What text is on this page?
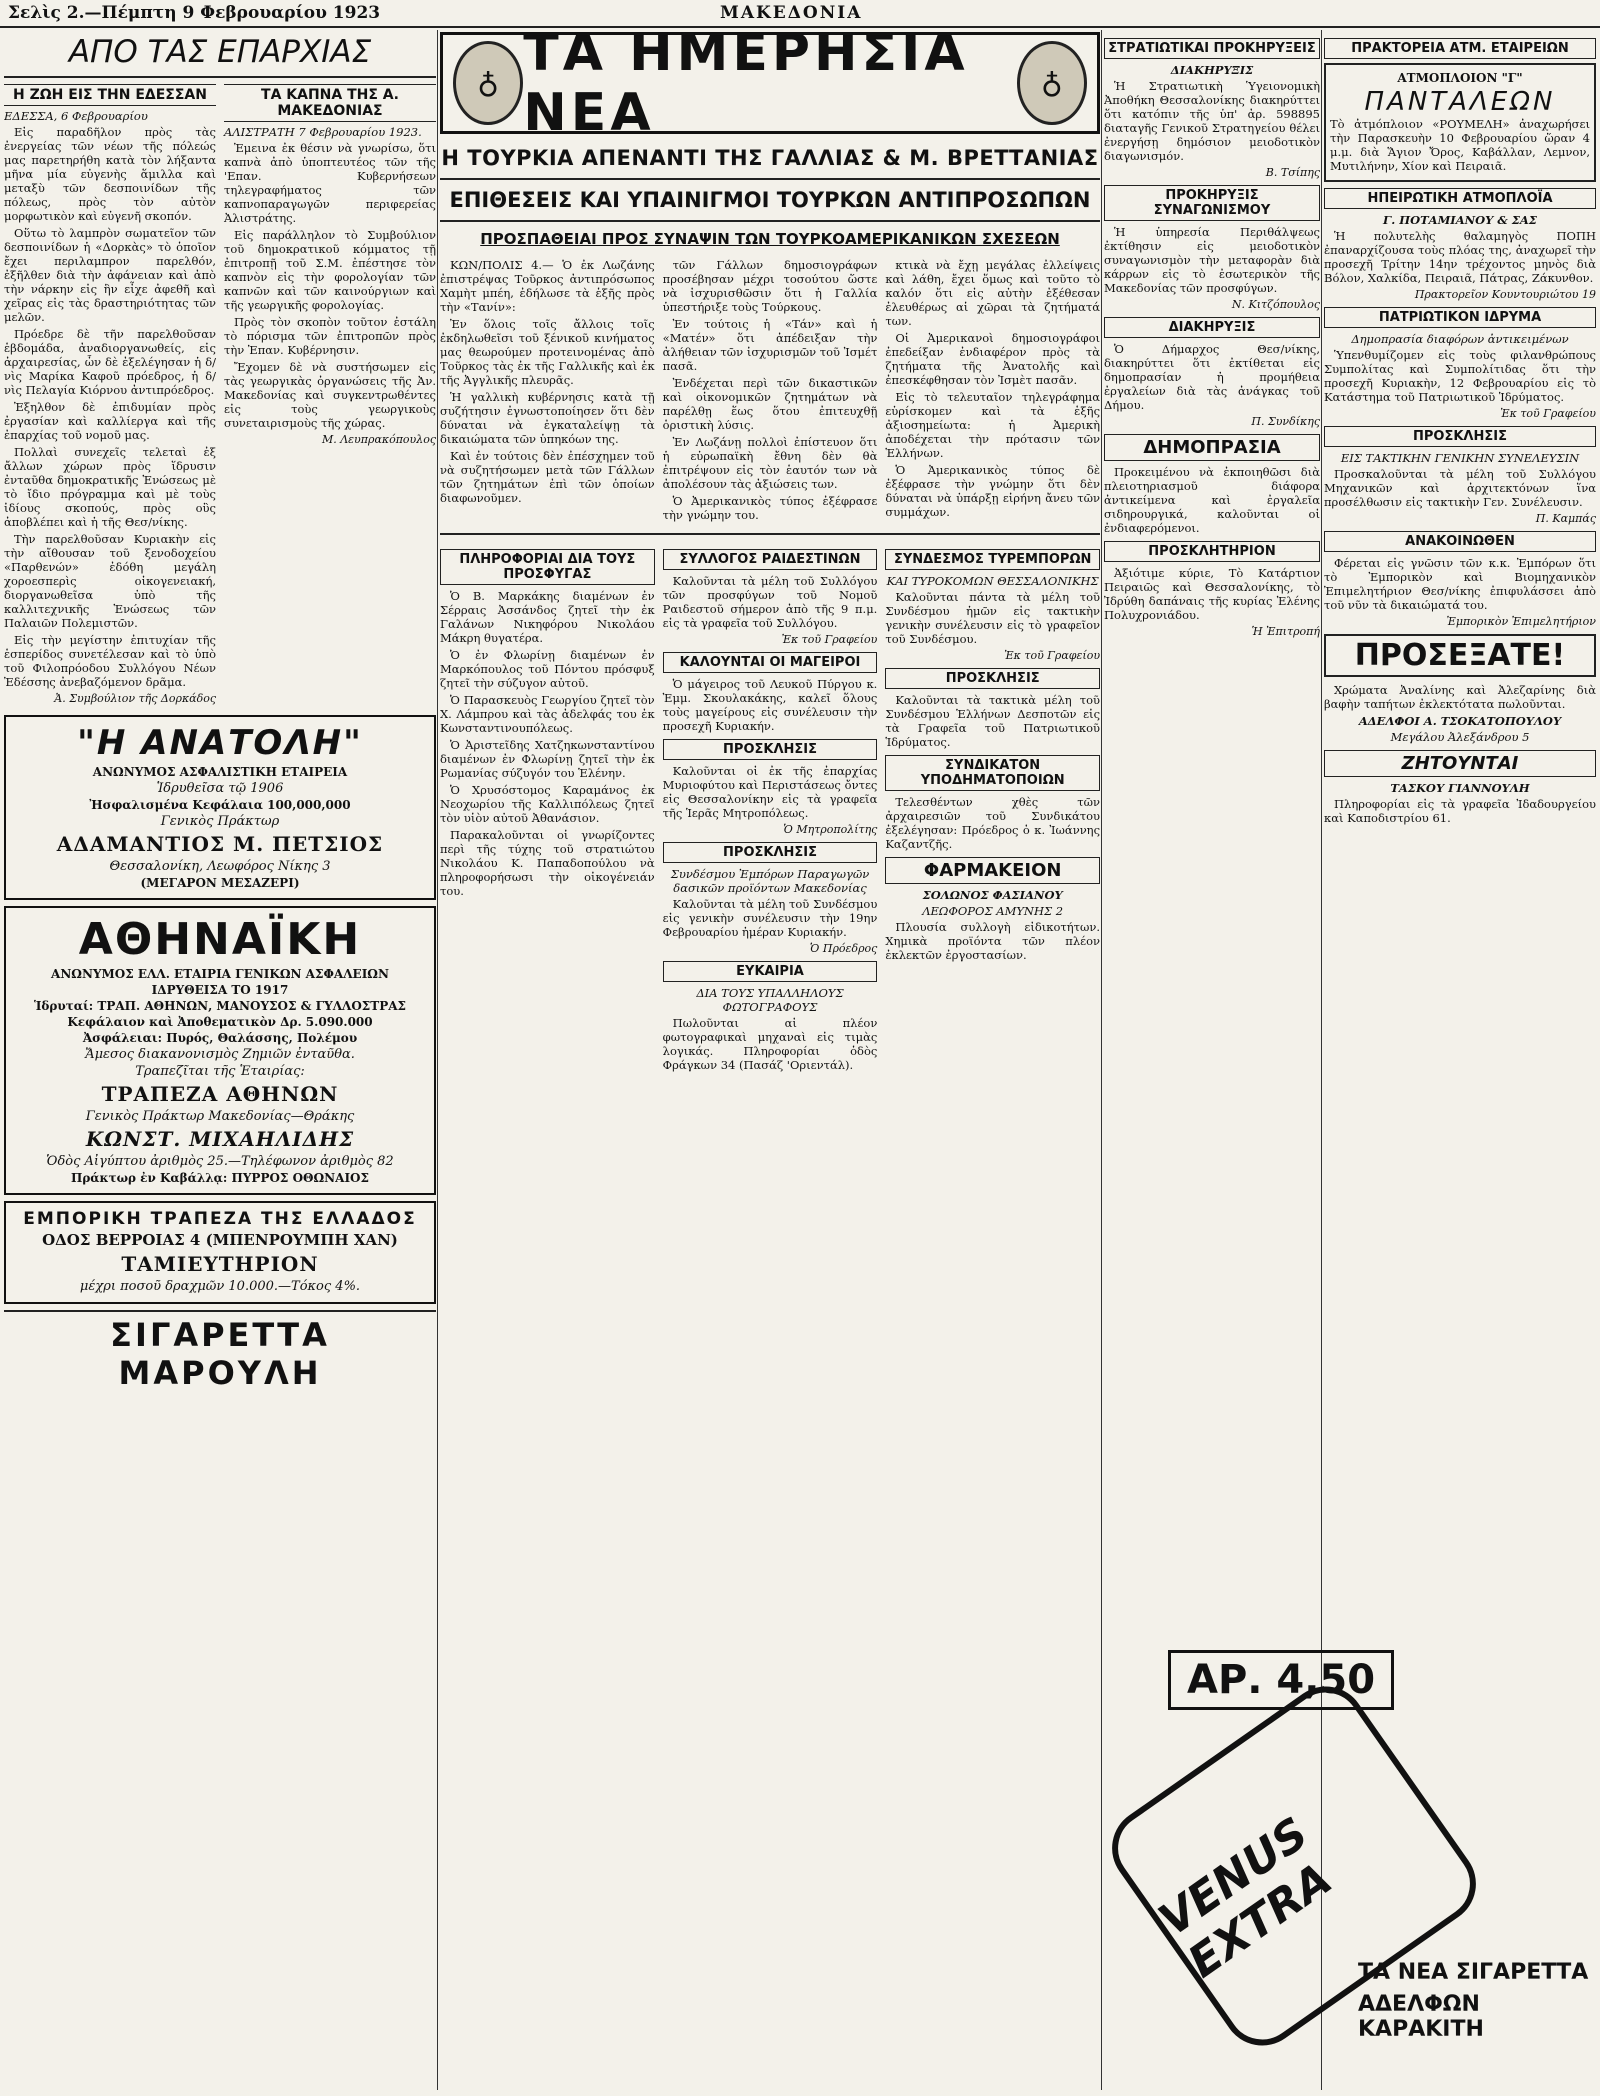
Σελὶς 2.—Πέμπτη 9 Φεβρουαρίου 1923	ΜΑΚΕΔΟΝΙΑ
ΑΠΟ ΤΑΣ ΕΠΑΡΧΙΑΣ
Η ΖΩΗ ΕΙΣ ΤΗΝ ΕΔΕΣΣΑΝ

ΕΔΕΣΣΑ, 6 Φεβρουαρίου

Εἰς παραδῆλον πρὸς τὰς ἐνεργείας τῶν νέων τῆς πόλεώς μας παρετηρήθη κατὰ τὸν λήξαντα μῆνα μία εὐγενὴς ἅμιλλα καὶ μεταξὺ τῶν δεσποινίδων τῆς πόλεως, πρὸς τὸν αὐτὸν μορφωτικὸν καὶ εὐγενῆ σκοπόν.

Οὕτω τὸ λαμπρὸν σωματεῖον τῶν δεσποινίδων ἡ «Δορκὰς» τὸ ὁποῖον ἔχει περιλαμπρον παρελθόν, ἐξῆλθεν διὰ τὴν ἀφάνειαν καὶ ἀπὸ τὴν νάρκην εἰς ἣν εἶχε ἀφεθῆ καὶ χεῖρας εἰς τὰς δραστηριότητας τῶν μελῶν.

Πρόεδρε δὲ τῆν παρελθοῦσαν ἑβδομάδα, ἀναδιοργανωθείς, εἰς ἀρχαιρεσίας, ὧν δὲ ἐξελέγησαν ἡ δ/νὶς Μαρίκα Καφοῦ πρόεδρος, ἡ δ/νὶς Πελαγία Κιόρνου ἀντιπρόεδρος.

Ἐξηλθον δὲ ἐπιδυμίαν πρὸς ἐργασίαν καὶ καλλίεργα καὶ τῆς ἐπαρχίας τοῦ νομοῦ μας.

Πολλαὶ συνεχεῖς τελεταὶ ἐξ ἄλλων χώρων πρὸς ἵδρυσιν ἐνταῦθα δημοκρατικῆς Ἑνώσεως μὲ τὸ ἴδιο πρόγραμμα καὶ μὲ τοὺς ἰδίους σκοπούς, πρὸς οὓς ἀποβλέπει καὶ ἡ τῆς Θεσ/νίκης.

Τὴν παρελθοῦσαν Κυριακὴν εἰς τὴν αἴθουσαν τοῦ ξενοδοχείου «Παρθενών» ἐδόθη μεγάλη χοροεσπερὶς οἰκογενειακή, διοργανωθεῖσα ὑπὸ τῆς καλλιτεχνικῆς Ἑνώσεως τῶν Παλαιῶν Πολεμιστῶν.

Εἰς τὴν μεγίστην ἐπιτυχίαν τῆς ἑσπερίδος συνετέλεσαν καὶ τὸ ὑπὸ τοῦ Φιλοπρόοδου Συλλόγου Νέων Ἐδέσσης ἀνεβαζόμενον δρᾶμα.

Ἀ. Συμβούλιον τῆς Δορκάδος

ΤΑ ΚΑΠΝΑ ΤΗΣ Α. ΜΑΚΕΔΟΝΙΑΣ

ΑΛΙΣΤΡΑΤΗ 7 Φεβρουαρίου 1923.

Ἐμεινα ἐκ θέσιν νὰ γνωρίσω, ὅτι καπνὰ ἀπὸ ὑποπτευτέος τῶν τῆς 'Επαν. Κυβερνήσεων τηλεγραφήματος τῶν καπνοπαραγωγῶν περιφερείας Ἀλιστράτης.

Εἰς παράλληλον τὸ Συμβούλιον τοῦ δημοκρατικοῦ κόμματος τῇ ἐπιτροπῇ τοῦ Σ.Μ. ἐπέστησε τὸν καπνὸν εἰς τὴν φορολογίαν τῶν καπνῶν καὶ τῶν καινούργιων καὶ τῆς γεωργικῆς φορολογίας.

Πρὸς τὸν σκοπὸν τοῦτον ἐστάλη τὸ πόρισμα τῶν ἐπιτροπῶν πρὸς τὴν Ἐπαν. Κυβέρνησιν.

Ἔχομεν δὲ νὰ συστήσωμεν εἰς τὰς γεωργικὰς ὀργανώσεις τῆς Ἀν. Μακεδονίας καὶ συγκεντρωθέντες εἰς τοὺς γεωργικοὺς συνεταιρισμοὺς τῆς χώρας.

Μ. Λευπρακόπουλος

"Η ΑΝΑΤΟΛΗ"
ΑΝΩΝΥΜΟΣ ΑΣΦΑΛΙΣΤΙΚΗ ΕΤΑΙΡΕΙΑ
Ἱδρυθεῖσα τῷ 1906
Ἠσφαλισμένα Κεφάλαια 100,000,000
Γενικὸς Πράκτωρ
ΑΔΑΜΑΝΤΙΟΣ Μ. ΠΕΤΣΙΟΣ
Θεσσαλονίκη, Λεωφόρος Νίκης 3
(ΜΕΓΑΡΟΝ ΜΕΣΑΖΕΡΙ)
ΑΘΗΝΑΪΚΗ
ΑΝΩΝΥΜΟΣ ΕΛΛ. ΕΤΑΙΡΙΑ ΓΕΝΙΚΩΝ ΑΣΦΑΛΕΙΩΝ
ΙΔΡΥΘΕΙΣΑ ΤΟ 1917
Ἱδρυταί: ΤΡΑΠ. ΑΘΗΝΩΝ, ΜΑΝΟΥΣΟΣ & ΓΥΛΛΟΣΤΡΑΣ
Κεφάλαιον καὶ Ἀποθεματικὸν Δρ. 5.090.000
Ἀσφάλειαι: Πυρός, Θαλάσσης, Πολέμου
Ἄμεσος διακανονισμὸς Ζημιῶν ἐνταῦθα.
Τραπεζῖται τῆς Ἑταιρίας:
ΤΡΑΠΕΖΑ ΑΘΗΝΩΝ
Γενικὸς Πράκτωρ Μακεδονίας—Θράκης
ΚΩΝΣΤ. ΜΙΧΑΗΛΙΔΗΣ
Ὁδὸς Αἰγύπτου ἀριθμὸς 25.—Τηλέφωνον ἀριθμὸς 82
Πράκτωρ ἐν Καβάλλᾳ: ΠΥΡΡΟΣ ΟΘΩΝΑΙΟΣ
ΕΜΠΟΡΙΚΗ ΤΡΑΠΕΖΑ ΤΗΣ ΕΛΛΑΔΟΣ
ΟΔΟΣ ΒΕΡΡΟΙΑΣ 4 (ΜΠΕΝΡΟΥΜΠΗ ΧΑΝ)
ΤΑΜΙΕΥΤΗΡΙΟΝ
μέχρι ποσοῦ δραχμῶν 10.000.—Τόκος 4%.
ΣΙΓΑΡΕΤΤΑ ΜΑΡΟΥΛΗ
♁ ΤΑ ΗΜΕΡΗΣΙΑ ΝΕΑ	♁
Η ΤΟΥΡΚΙΑ ΑΠΕΝΑΝΤΙ ΤΗΣ ΓΑΛΛΙΑΣ & Μ. ΒΡΕΤΤΑΝΙΑΣ
ΕΠΙΘΕΣΕΙΣ ΚΑΙ ΥΠΑΙΝΙΓΜΟΙ ΤΟΥΡΚΩΝ ΑΝΤΙΠΡΟΣΩΠΩΝ
ΠΡΟΣΠΑΘΕΙΑΙ ΠΡΟΣ ΣΥΝΑΨΙΝ ΤΩΝ ΤΟΥΡΚΟΑΜΕΡΙΚΑΝΙΚΩΝ ΣΧΕΣΕΩΝ

ΚΩΝ/ΠΟΛΙΣ 4.— Ὁ ἐκ Λωζάνης ἐπιστρέψας Τοῦρκος ἀντιπρόσωπος Χαμὴτ μπέη, ἐδήλωσε τὰ ἑξῆς πρὸς τὴν «Τανίν»:

Ἐν ὅλοις τοῖς ἄλλοις τοῖς ἐκδηλωθεῖσι τοῦ ξένικοῦ κινήματος μας θεωρούμεν προτεινομένας ἀπὸ Τοῦρκος τὰς ἐκ τῆς Γαλλικῆς καὶ ἐκ τῆς Ἀγγλικῆς πλευρᾶς.

Ἡ γαλλικὴ κυβέρνησις κατὰ τῇ συζήτησιν ἐγνωστοποίησεν ὅτι δὲν δύναται νὰ ἐγκαταλείψῃ τὰ δικαιώματα τῶν ὑπηκόων της.

Καὶ ἐν τούτοις δὲν ἐπέσχημεν τοῦ νὰ συζητήσωμεν μετὰ τῶν Γάλλων τῶν ζητημάτων ἐπὶ τῶν ὁποίων διαφωνοῦμεν.

τῶν Γάλλων δημοσιογράφων προσέβησαν μέχρι τοσούτου ὥστε νὰ ἰσχυρισθῶσιν ὅτι ἡ Γαλλία ὑπεστήριξε τοὺς Τούρκους.

Ἐν τούτοις ἡ «Τάν» καὶ ἡ «Ματέν» ὅτι ἀπέδειξαν τὴν ἀλήθειαν τῶν ἰσχυρισμῶν τοῦ Ἰσμέτ πασᾶ.

Ἐνδέχεται περὶ τῶν δικαστικῶν καὶ οἰκονομικῶν ζητημάτων νὰ παρέλθῃ ἕως ὅτου ἐπιτευχθῇ ὁριστικὴ λύσις.

Ἐν Λωζάνῃ πολλοὶ ἐπίστευον ὅτι ἡ εὐρωπαϊκὴ ἔθνη δὲν θὰ ἐπιτρέψουν εἰς τὸν ἑαυτόν των νὰ ἀπολέσουν τὰς ἀξιώσεις των.

Ὁ Ἀμερικανικὸς τύπος ἐξέφρασε τὴν γνώμην του.

κτικὰ νὰ ἔχῃ μεγάλας ἐλλείψεις καὶ λάθη, ἔχει ὅμως καὶ τοῦτο τὸ καλόν ὅτι εἰς αὐτὴν ἐξέθεσαν ἐλευθέρως αἱ χῶραι τὰ ζητήματά των.

Οἱ Ἀμερικανοὶ δημοσιογράφοι ἐπεδείξαν ἐνδιαφέρον πρὸς τὰ ζητήματα τῆς Ἀνατολῆς καὶ ἐπεσκέφθησαν τὸν Ἰσμὲτ πασᾶν.

Εἰς τὸ τελευταῖον τηλεγράφημα εὑρίσκομεν καὶ τὰ ἑξῆς ἀξιοσημείωτα: ἡ Ἀμερικὴ ἀποδέχεται τὴν πρότασιν τῶν Ἑλλήνων.

Ὁ Ἀμερικανικὸς τύπος δὲ ἐξέφρασε τὴν γνώμην ὅτι δὲν δύναται νὰ ὑπάρξῃ εἰρήνη ἄνευ τῶν συμμάχων.

ΠΛΗΡΟΦΟΡΙΑΙ ΔΙΑ ΤΟΥΣ ΠΡΟΣΦΥΓΑΣ

Ὁ Β. Μαρκάκης διαμένων ἐν Σέρραις Ἀσσάνδος ζητεῖ τὴν ἐκ Γαλάνων Νικηφόρου Νικολάου Μάκρη θυγατέρα.

Ὁ ἐν Φλωρίνῃ διαμένων ἐν Μαρκόπουλος τοῦ Πόντου πρόσφυξ ζητεῖ τὴν σύζυγον αὐτοῦ.

Ὁ Παρασκευὸς Γεωργίου ζητεῖ τὸν Χ. Λάμπρου καὶ τὰς ἀδελφάς του ἐκ Κωνσταντινουπόλεως.

Ὁ Ἀριστεῖδης Χατζηκωνσταντίνου διαμένων ἐν Φλωρίνῃ ζητεῖ τὴν ἐκ Ρωμανίας σύζυγόν του Ἑλένην.

Ὁ Χρυσόστομος Καραμάνος ἐκ Νεοχωρίου τῆς Καλλιπόλεως ζητεῖ τὸν υἱὸν αὐτοῦ Ἀθανάσιον.

Παρακαλοῦνται οἱ γνωρίζοντες περὶ τῆς τύχης τοῦ στρατιώτου Νικολάου Κ. Παπαδοπούλου νὰ πληροφορήσωσι τὴν οἰκογένειάν του.

ΣΥΛΛΟΓΟΣ ΡΑΙΔΕΣΤΙΝΩΝ

Καλοῦνται τὰ μέλη τοῦ Συλλόγου τῶν προσφύγων τοῦ Νομοῦ Ραιδεστοῦ σήμερον ἀπὸ τῆς 9 π.μ. εἰς τὰ γραφεῖα τοῦ Συλλόγου.

Ἐκ τοῦ Γραφείου

ΚΑΛΟΥΝΤΑΙ ΟΙ ΜΑΓΕΙΡΟΙ

Ὁ μάγειρος τοῦ Λευκοῦ Πύργου κ. Ἐμμ. Σκουλακάκης, καλεῖ ὅλους τοὺς μαγείρους εἰς συνέλευσιν τὴν προσεχῆ Κυριακήν.

ΠΡΟΣΚΛΗΣΙΣ

Καλοῦνται οἱ ἐκ τῆς ἐπαρχίας Μυριοφύτου καὶ Περιστάσεως ὄντες εἰς Θεσσαλονίκην εἰς τὰ γραφεῖα τῆς Ἱερᾶς Μητροπόλεως.

Ὁ Μητροπολίτης

ΠΡΟΣΚΛΗΣΙΣ

Συνδέσμου Ἐμπόρων Παραγωγῶν δασικῶν προϊόντων Μακεδονίας

Καλοῦνται τὰ μέλη τοῦ Συνδέσμου εἰς γενικὴν συνέλευσιν τὴν 19ην Φεβρουαρίου ἡμέραν Κυριακήν.

Ὁ Πρόεδρος

ΕΥΚΑΙΡΙΑ

ΔΙΑ ΤΟΥΣ ΥΠΑΛΛΗΛΟΥΣ ΦΩΤΟΓΡΑΦΟΥΣ

Πωλοῦνται αἱ πλέον φωτογραφικαὶ μηχαναὶ εἰς τιμὰς λογικάς. Πληροφορίαι ὁδὸς Φράγκων 34 (Πασάζ 'Οριεντάλ).

ΣΥΝΔΕΣΜΟΣ ΤΥΡΕΜΠΟΡΩΝ

ΚΑΙ ΤΥΡΟΚΟΜΩΝ ΘΕΣΣΑΛΟΝΙΚΗΣ

Καλοῦνται πάντα τὰ μέλη τοῦ Συνδέσμου ἡμῶν εἰς τακτικὴν γενικὴν συνέλευσιν εἰς τὸ γραφεῖον τοῦ Συνδέσμου.

Ἐκ τοῦ Γραφείου

ΠΡΟΣΚΛΗΣΙΣ

Καλοῦνται τὰ τακτικὰ μέλη τοῦ Συνδέσμου Ἑλλήνων Δεσποτῶν εἰς τὰ Γραφεῖα τοῦ Πατριωτικοῦ Ἱδρύματος.

ΣΥΝΔΙΚΑΤΟΝ ΥΠΟΔΗΜΑΤΟΠΟΙΩΝ

Τελεσθέντων χθὲς τῶν ἀρχαιρεσιῶν τοῦ Συνδικάτου ἐξελέγησαν: Πρόεδρος ὁ κ. Ἰωάννης Καζαντζῆς.

ΦΑΡΜΑΚΕΙΟΝ

ΣΟΛΩΝΟΣ ΦΑΣΙΑΝΟΥ

ΛΕΩΦΟΡΟΣ ΑΜΥΝΗΣ 2

Πλουσία συλλογὴ εἰδικοτήτων. Χημικὰ προϊόντα τῶν πλέον ἐκλεκτῶν ἐργοστασίων.

ΣΤΡΑΤΙΩΤΙΚΑΙ ΠΡΟΚΗΡΥΞΕΙΣ

ΔΙΑΚΗΡΥΞΙΣ

Ἡ Στρατιωτικὴ Ὑγειονομικὴ Ἀποθήκη Θεσσαλονίκης διακηρύττει ὅτι κατόπιν τῆς ὑπ' ἀρ. 598895 διαταγῆς Γενικοῦ Στρατηγείου θέλει ἐνεργήσῃ δημόσιον μειοδοτικὸν διαγωνισμόν.

Β. Τσίπης

ΠΡΟΚΗΡΥΞΙΣ ΣΥΝΑΓΩΝΙΣΜΟΥ

Ἡ ὑπηρεσία Περιθάλψεως ἐκτίθησιν εἰς μειοδοτικὸν συναγωνισμὸν τὴν μεταφορὰν διὰ κάρρων εἰς τὸ ἐσωτερικὸν τῆς Μακεδονίας τῶν προσφύγων.

Ν. Κιτζόπουλος

ΔΙΑΚΗΡΥΞΙΣ

Ὁ Δήμαρχος Θεσ/νίκης, διακηρύττει ὅτι ἐκτίθεται εἰς δημοπρασίαν ἡ προμήθεια ἐργαλείων διὰ τὰς ἀνάγκας τοῦ Δήμου.

Π. Συνδίκης

ΔΗΜΟΠΡΑΣΙΑ

Προκειμένου νὰ ἐκποιηθῶσι διὰ πλειοτηριασμοῦ διάφορα ἀντικείμενα καὶ ἐργαλεῖα σιδηρουργικά, καλοῦνται οἱ ἐνδιαφερόμενοι.

ΠΡΟΣΚΛΗΤΗΡΙΟΝ

Ἀξιότιμε κύριε, Τὸ Κατάρτιον Πειραιῶς καὶ Θεσσαλονίκης, τὸ Ἰδρύθη δαπάναις τῆς κυρίας Ἑλένης Πολυχρονιάδου.

Ἡ Ἐπιτροπή

ΠΡΑΚΤΟΡΕΙΑ ΑΤΜ. ΕΤΑΙΡΕΙΩΝ
ΑΤΜΟΠΛΟΙΟΝ "Γ"
ΠΑΝΤΑΛΕΩΝ

Τὸ ἀτμόπλοιον «ΡΟΥΜΕΛΗ» ἀναχωρήσει τὴν Παρασκευὴν 10 Φεβρουαρίου ὥραν 4 μ.μ. διὰ Ἅγιον Ὄρος, Καβάλλαν, Λεμνον, Μυτιλήνην, Χίον καὶ Πειραιᾶ.

ΗΠΕΙΡΩΤΙΚΗ ΑΤΜΟΠΛΟΪΑ

Γ. ΠΟΤΑΜΙΑΝΟΥ & ΣΑΣ

Ἡ πολυτελὴς θαλαμηγὸς ΠΟΠΗ ἐπαναρχίζουσα τοὺς πλόας της, ἀναχωρεῖ τὴν προσεχῆ Τρίτην 14ην τρέχοντος μηνὸς διὰ Βόλον, Χαλκίδα, Πειραιᾶ, Πάτρας, Ζάκυνθον.

Πρακτορεῖον Κουντουριώτου 19

ΠΑΤΡΙΩΤΙΚΟΝ ΙΔΡΥΜΑ

Δημοπρασία διαφόρων ἀντικειμένων

Ὑπενθυμίζομεν εἰς τοὺς φιλανθρώπους Συμπολίτας καὶ Συμπολίτιδας ὅτι τὴν προσεχῆ Κυριακὴν, 12 Φεβρουαρίου εἰς τὸ Κατάστημα τοῦ Πατριωτικοῦ Ἱδρύματος.

Ἐκ τοῦ Γραφείου

ΠΡΟΣΚΛΗΣΙΣ

ΕΙΣ ΤΑΚΤΙΚΗΝ ΓΕΝΙΚΗΝ ΣΥΝΕΛΕΥΣΙΝ

Προσκαλοῦνται τὰ μέλη τοῦ Συλλόγου Μηχανικῶν καὶ ἀρχιτεκτόνων ἵνα προσέλθωσιν εἰς τακτικὴν Γεν. Συνέλευσιν.

Π. Καμπάς

ΑΝΑΚΟΙΝΩΘΕΝ

Φέρεται εἰς γνῶσιν τῶν κ.κ. Ἐμπόρων ὅτι τὸ Ἐμπορικὸν καὶ Βιομηχανικὸν Ἐπιμελητήριον Θεσ/νίκης ἐπιφυλάσσει ἀπὸ τοῦ νῦν τὰ δικαιώματά του.

Ἐμπορικὸν Ἐπιμελητήριον

ΠΡΟΣΕΞΑΤΕ!

Χρώματα Ἀναλίνης καὶ Ἀλεζαρίνης διὰ βαφὴν ταπήτων ἐκλεκτότατα πωλοῦνται.

ΑΔΕΛΦΟΙ Α. ΤΣΟΚΑΤΟΠΟΥΛΟΥ

Μεγάλου Ἀλεξάνδρου 5

ΖΗΤΟΥΝΤΑΙ

ΤΑΣΚΟΥ ΓΙΑΝΝΟΥΛΗ

Πληροφορίαι εἰς τὰ γραφεῖα Ἰδαδουργείου καὶ Καποδιστρίου 61.

ΑΡ. 4,50
VENUS EXTRA ΤΑ ΝΕΑ ΣΙΓΑΡΕΤΤΑ
ΑΔΕΛΦΩΝ ΚΑΡΑΚΙΤΗ
